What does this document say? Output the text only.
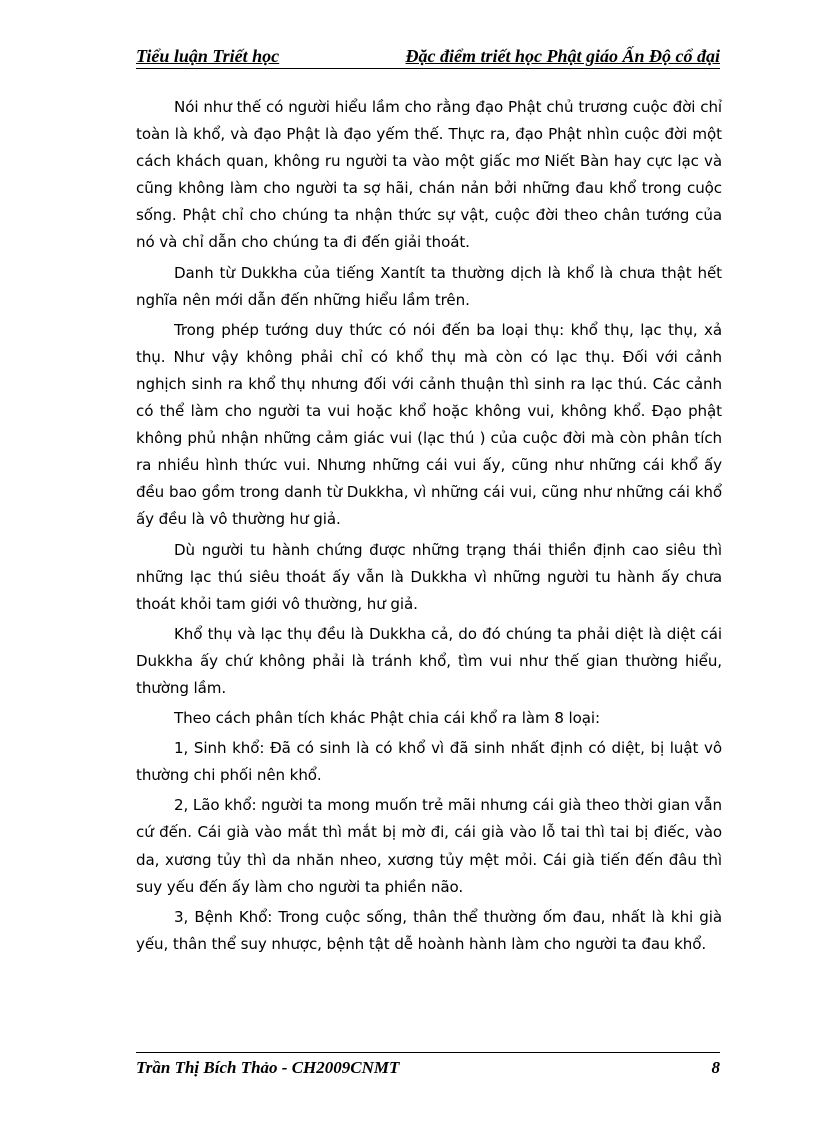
Tiểu luận Triết học	Đặc điểm triết học Phật giáo Ấn Độ cổ đại

Nói như thế có người hiểu lầm cho rằng đạo Phật chủ trương cuộc đời chỉ toàn là khổ, và đạo Phật là đạo yếm thế. Thực ra, đạo Phật nhìn cuộc đời một cách khách quan, không ru người ta vào một giấc mơ Niết Bàn hay cực lạc và cũng không làm cho người ta sợ hãi, chán nản bởi những đau khổ trong cuộc sống. Phật chỉ cho chúng ta nhận thức sự vật, cuộc đời theo chân tướng của nó và chỉ dẫn cho chúng ta đi đến giải thoát.

Danh từ Dukkha của tiếng Xantít ta thường dịch là khổ là chưa thật hết nghĩa nên mới dẫn đến những hiểu lầm trên.

Trong phép tướng duy thức có nói đến ba loại thụ: khổ thụ, lạc thụ, xả thụ. Như vậy không phải chỉ có khổ thụ mà còn có lạc thụ. Đối với cảnh nghịch sinh ra khổ thụ nhưng đối với cảnh thuận thì sinh ra lạc thú. Các cảnh có thể làm cho người ta vui hoặc khổ hoặc không vui, không khổ. Đạo phật không phủ nhận những cảm giác vui (lạc thú ) của cuộc đời mà còn phân tích ra nhiều hình thức vui. Nhưng những cái vui ấy, cũng như những cái khổ ấy đều bao gồm trong danh từ Dukkha, vì những cái vui, cũng như những cái khổ ấy đều là vô thường hư giả.

Dù người tu hành chứng được những trạng thái thiền định cao siêu thì những lạc thú siêu thoát ấy vẫn là Dukkha vì những người tu hành ấy chưa thoát khỏi tam giới vô thường, hư giả.

Khổ thụ và lạc thụ đều là Dukkha cả, do đó chúng ta phải diệt là diệt cái Dukkha ấy chứ không phải là tránh khổ, tìm vui như thế gian thường hiểu, thường lầm.

Theo cách phân tích khác Phật chia cái khổ ra làm 8 loại:

1, Sinh khổ: Đã có sinh là có khổ vì đã sinh nhất định có diệt, bị luật vô thường chi phối nên khổ.

2, Lão khổ: người ta mong muốn trẻ mãi nhưng cái già theo thời gian vẫn cứ đến. Cái già vào mắt thì mắt bị mờ đi, cái già vào lỗ tai thì tai bị điếc, vào da, xương tủy thì da nhăn nheo, xương tủy mệt mỏi. Cái già tiến đến đâu thì suy yếu đến ấy làm cho người ta phiền não.

3, Bệnh Khổ: Trong cuộc sống, thân thể thường ốm đau, nhất là khi già yếu, thân thể suy nhược, bệnh tật dễ hoành hành làm cho người ta đau khổ.

Trần Thị Bích Thảo - CH2009CNMT	8
